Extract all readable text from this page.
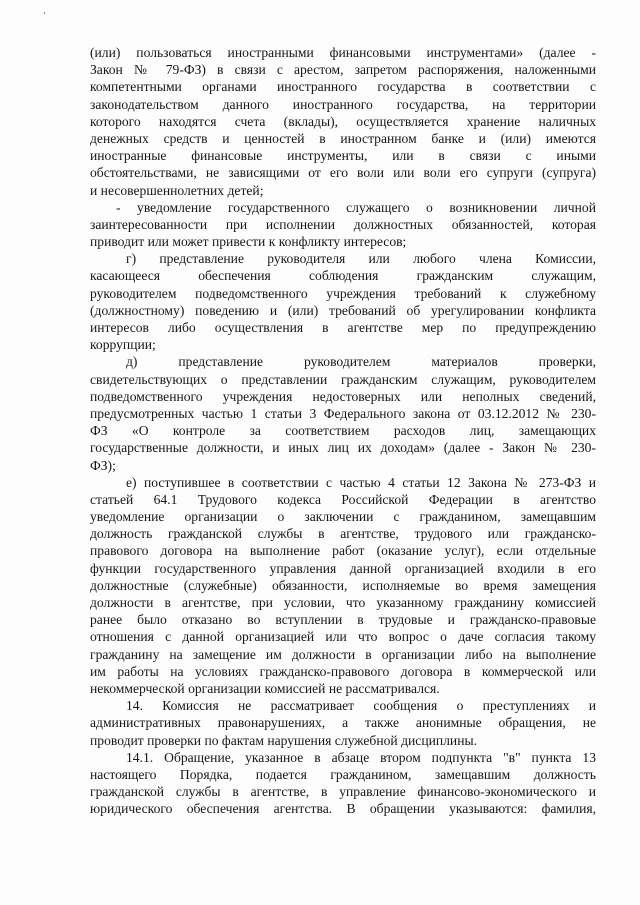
(или) пользоваться иностранными финансовыми инструментами» (далее -
Закон № 79-ФЗ) в связи с арестом, запретом распоряжения, наложенными
компетентными органами иностранного государства в соответствии с
законодательством данного иностранного государства, на территории
которого находятся счета (вклады), осуществляется хранение наличных
денежных средств и ценностей в иностранном банке и (или) имеются
иностранные финансовые инструменты, или в связи с иными
обстоятельствами, не зависящими от его воли или воли его супруги (супруга)
и несовершеннолетних детей;
- уведомление государственного служащего о возникновении личной
заинтересованности при исполнении должностных обязанностей, которая
приводит или может привести к конфликту интересов;
г) представление руководителя или любого члена Комиссии,
касающееся обеспечения соблюдения гражданским служащим,
руководителем подведомственного учреждения требований к служебному
(должностному) поведению и (или) требований об урегулировании конфликта
интересов либо осуществления в агентстве мер по предупреждению
коррупции;
д) представление руководителем материалов проверки,
свидетельствующих о представлении гражданским служащим, руководителем
подведомственного учреждения недостоверных или неполных сведений,
предусмотренных частью 1 статьи 3 Федерального закона от 03.12.2012 № 230-
ФЗ «О контроле за соответствием расходов лиц, замещающих
государственные должности, и иных лиц их доходам» (далее - Закон № 230-
ФЗ);
е) поступившее в соответствии с частью 4 статьи 12 Закона № 273-ФЗ и
статьей 64.1 Трудового кодекса Российской Федерации в агентство
уведомление организации о заключении с гражданином, замещавшим
должность гражданской службы в агентстве, трудового или гражданско-
правового договора на выполнение работ (оказание услуг), если отдельные
функции государственного управления данной организацией входили в его
должностные (служебные) обязанности, исполняемые во время замещения
должности в агентстве, при условии, что указанному гражданину комиссией
ранее было отказано во вступлении в трудовые и гражданско-правовые
отношения с данной организацией или что вопрос о даче согласия такому
гражданину на замещение им должности в организации либо на выполнение
им работы на условиях гражданско-правового договора в коммерческой или
некоммерческой организации комиссией не рассматривался.
14. Комиссия не рассматривает сообщения о преступлениях и
административных правонарушениях, а также анонимные обращения, не
проводит проверки по фактам нарушения служебной дисциплины.
14.1. Обращение, указанное в абзаце втором подпункта "в" пункта 13
настоящего Порядка, подается гражданином, замещавшим должность
гражданской службы в агентстве, в управление финансово-экономического и
юридического обеспечения агентства. В обращении указываются: фамилия,
